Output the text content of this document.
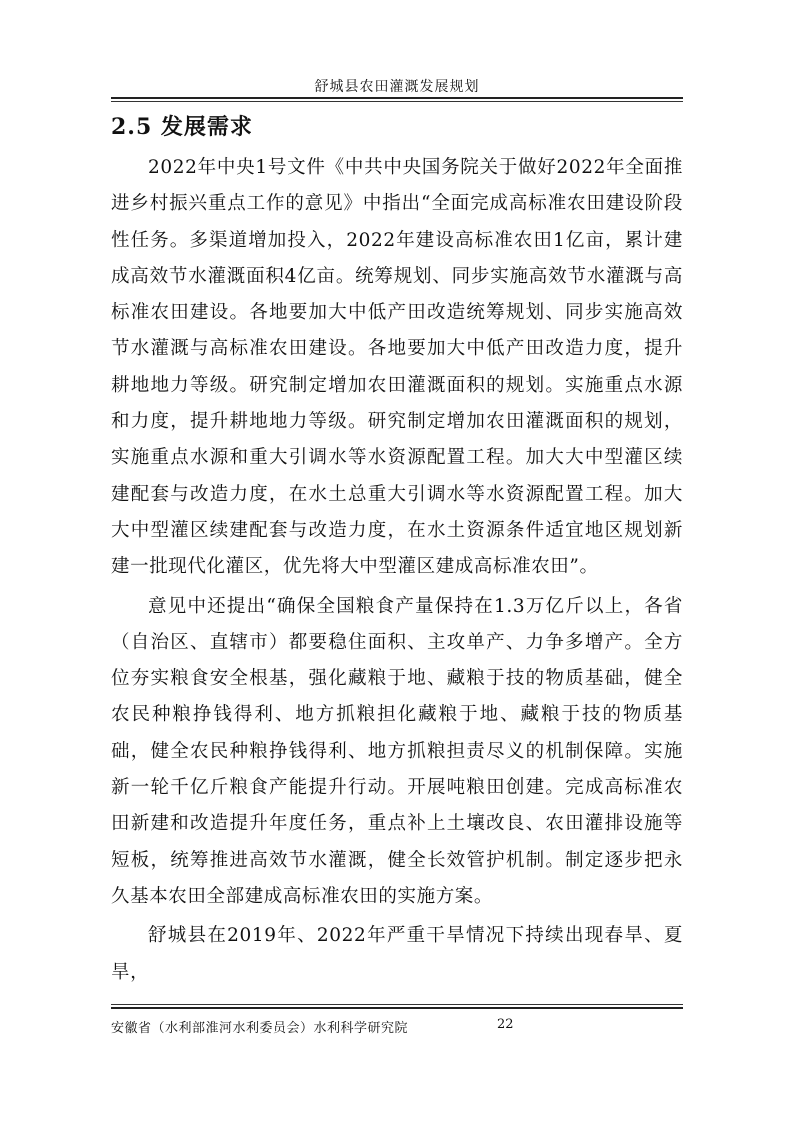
舒城县农田灌溉发展规划
2.5 发展需求

2022年中央1号文件《中共中央国务院关于做好2022年全面推进乡村振兴重点工作的意见》中指出“全面完成高标准农田建设阶段性任务。多渠道增加投入，2022年建设高标准农田1亿亩，累计建成高效节水灌溉面积4亿亩。统筹规划、同步实施高效节水灌溉与高标准农田建设。各地要加大中低产田改造统筹规划、同步实施高效节水灌溉与高标准农田建设。各地要加大中低产田改造力度，提升耕地地力等级。研究制定增加农田灌溉面积的规划。实施重点水源和力度，提升耕地地力等级。研究制定增加农田灌溉面积的规划，实施重点水源和重大引调水等水资源配置工程。加大大中型灌区续建配套与改造力度，在水土总重大引调水等水资源配置工程。加大大中型灌区续建配套与改造力度，在水土资源条件适宜地区规划新建一批现代化灌区，优先将大中型灌区建成高标准农田”。

意见中还提出“确保全国粮食产量保持在1.3万亿斤以上，各省（自治区、直辖市）都要稳住面积、主攻单产、力争多增产。全方位夯实粮食安全根基，强化藏粮于地、藏粮于技的物质基础，健全农民种粮挣钱得利、地方抓粮担化藏粮于地、藏粮于技的物质基础，健全农民种粮挣钱得利、地方抓粮担责尽义的机制保障。实施新一轮千亿斤粮食产能提升行动。开展吨粮田创建。完成高标准农田新建和改造提升年度任务，重点补上土壤改良、农田灌排设施等短板，统筹推进高效节水灌溉，健全长效管护机制。制定逐步把永久基本农田全部建成高标准农田的实施方案。

舒城县在2019年、2022年严重干旱情况下持续出现春旱、夏旱，

安徽省（水利部淮河水利委员会）水利科学研究院	22
